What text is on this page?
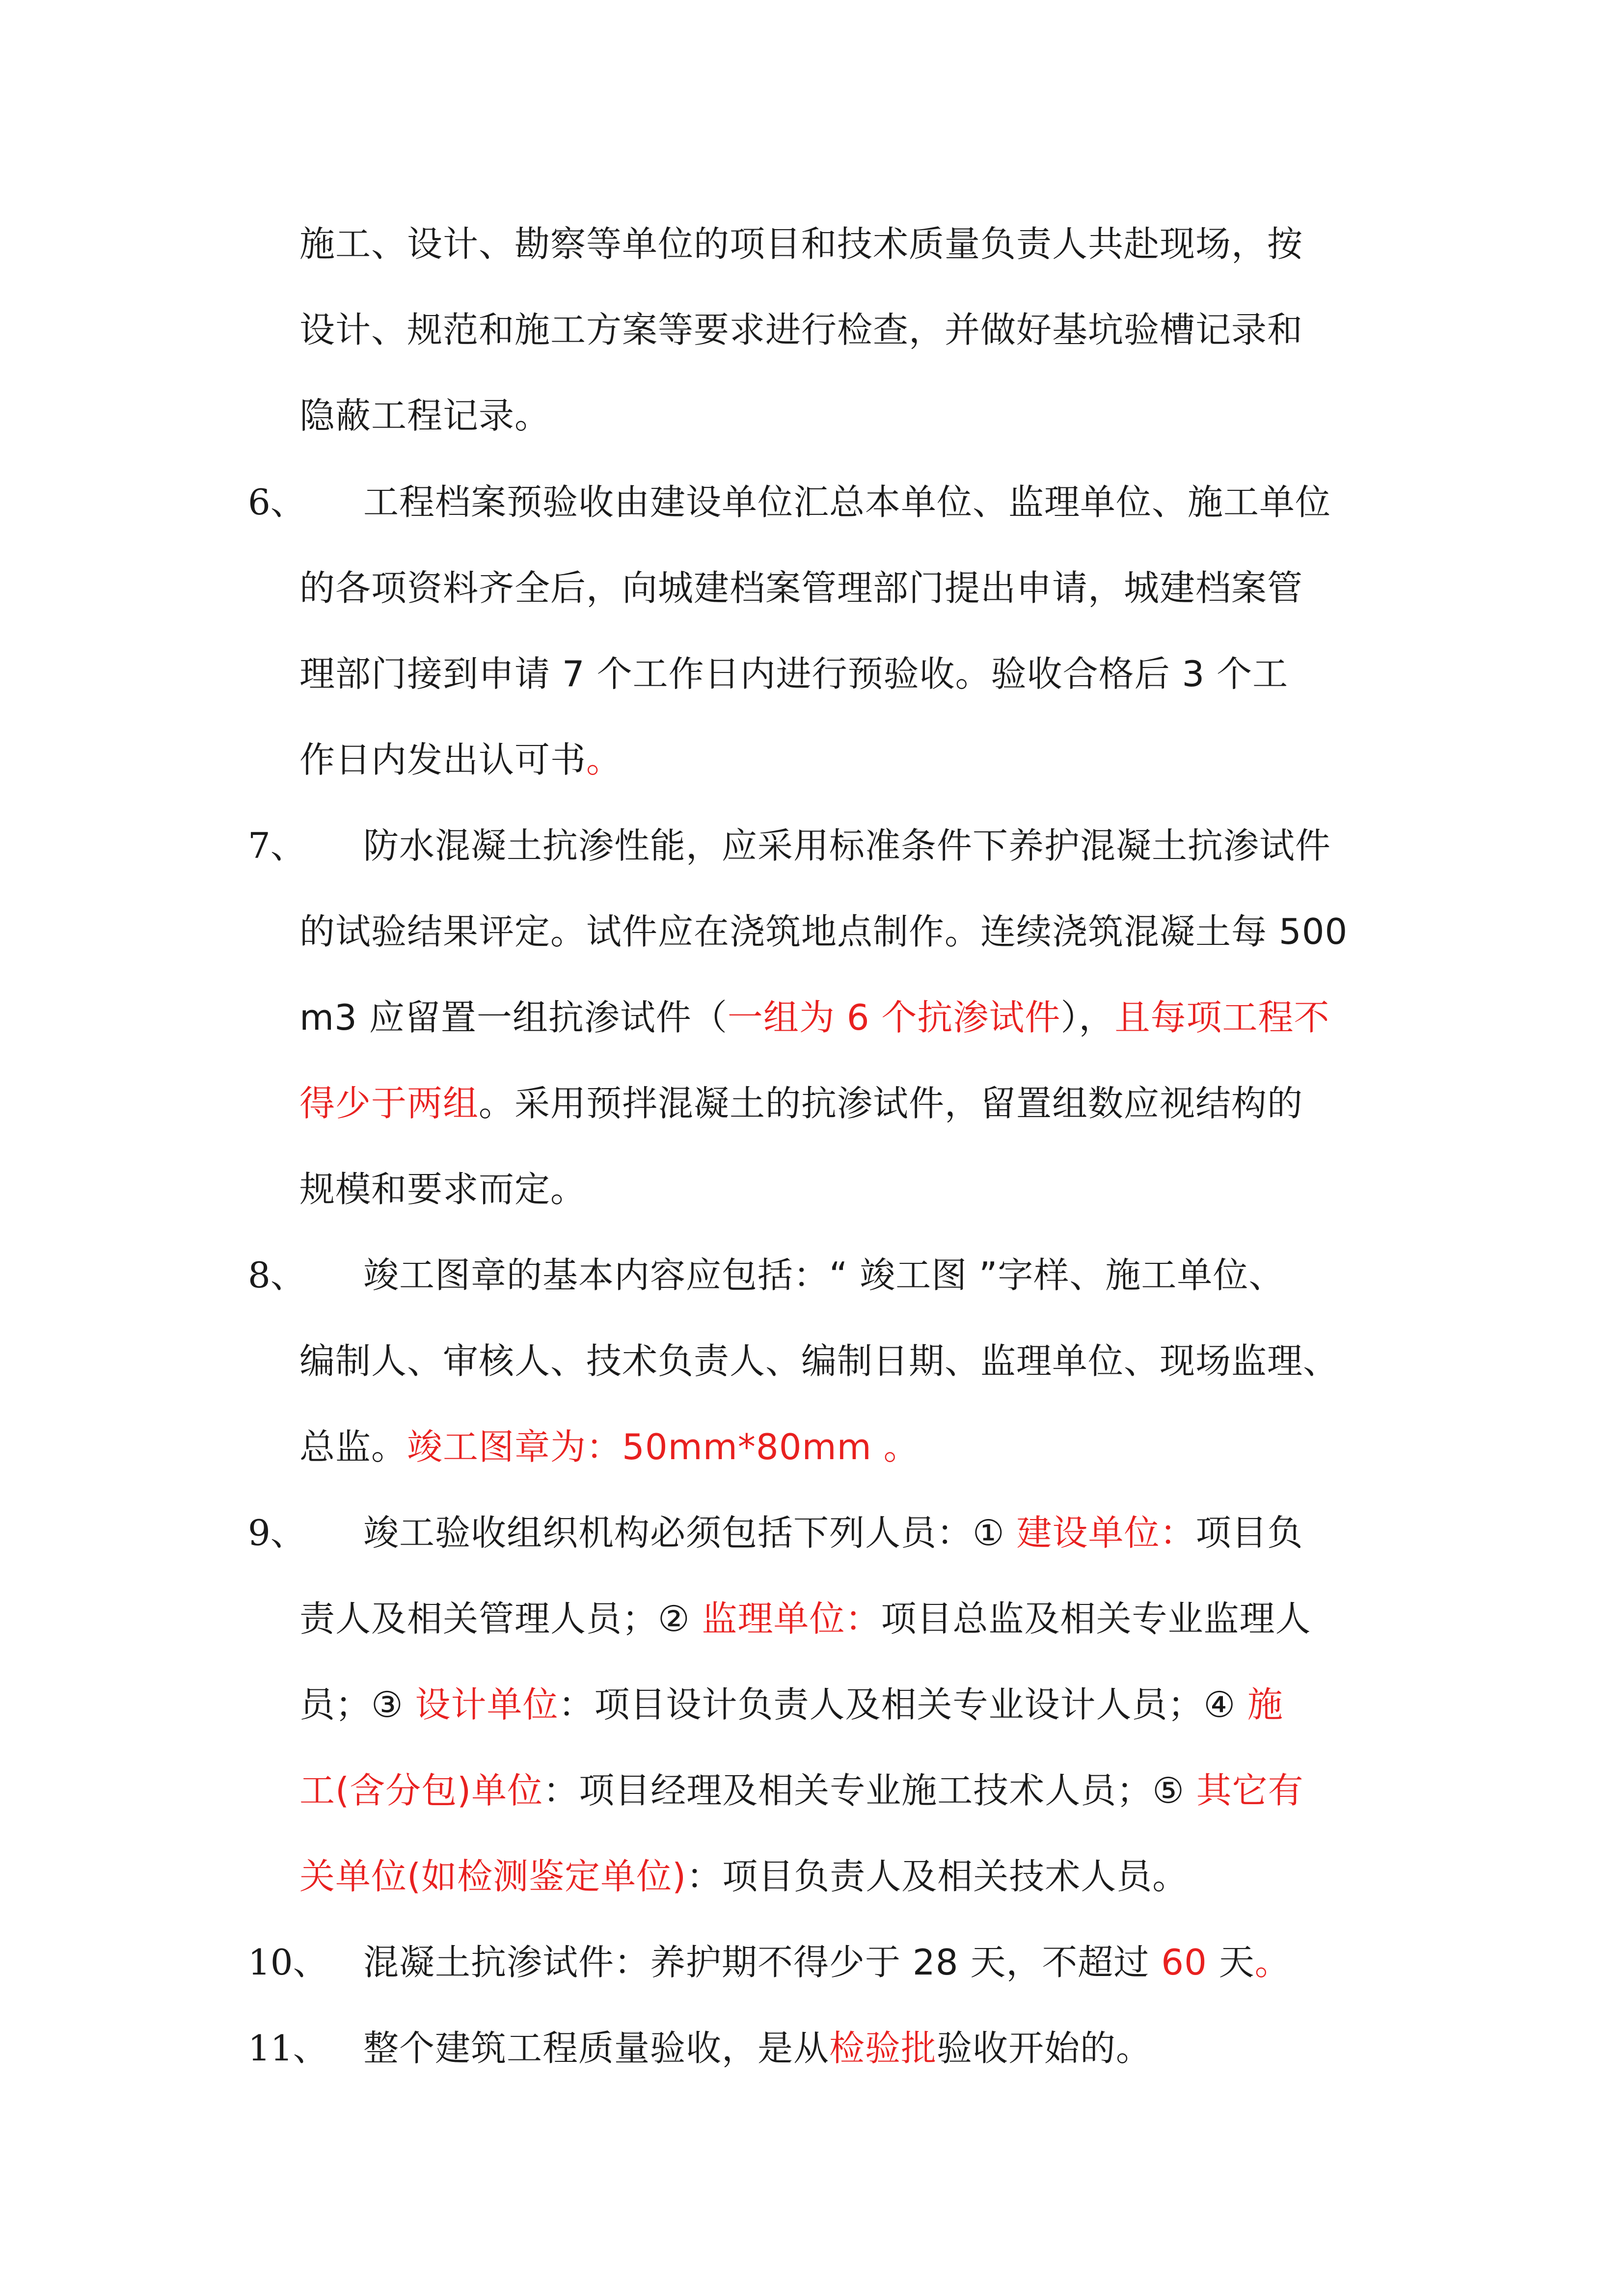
施工、设计、勘察等单位的项目和技术质量负责人共赴现场，按
设计、规范和施工方案等要求进行检查，并做好基坑验槽记录和
隐蔽工程记录。
6、 工程档案预验收由建设单位汇总本单位、监理单位、施工单位
的各项资料齐全后，向城建档案管理部门提出申请，城建档案管
理部门接到申请 7 个工作日内进行预验收。验收合格后 3 个工
作日内发出认可书。
7、 防水混凝土抗渗性能，应采用标准条件下养护混凝土抗渗试件
的试验结果评定。试件应在浇筑地点制作。连续浇筑混凝土每 500
m3 应留置一组抗渗试件（一组为 6 个抗渗试件），且每项工程不
得少于两组。采用预拌混凝土的抗渗试件，留置组数应视结构的
规模和要求而定。
8、 竣工图章的基本内容应包括：“ 竣工图 ”字样、施工单位、
编制人、审核人、技术负责人、编制日期、监理单位、现场监理、
总监。竣工图章为：50mm*80mm 。
9、 竣工验收组织机构必须包括下列人员：① 建设单位：项目负
责人及相关管理人员；② 监理单位：项目总监及相关专业监理人
员；③ 设计单位：项目设计负责人及相关专业设计人员；④ 施
工(含分包)单位：项目经理及相关专业施工技术人员；⑤ 其它有
关单位(如检测鉴定单位)：项目负责人及相关技术人员。
10、 混凝土抗渗试件：养护期不得少于 28 天，不超过 60 天。
11、 整个建筑工程质量验收，是从检验批验收开始的。
